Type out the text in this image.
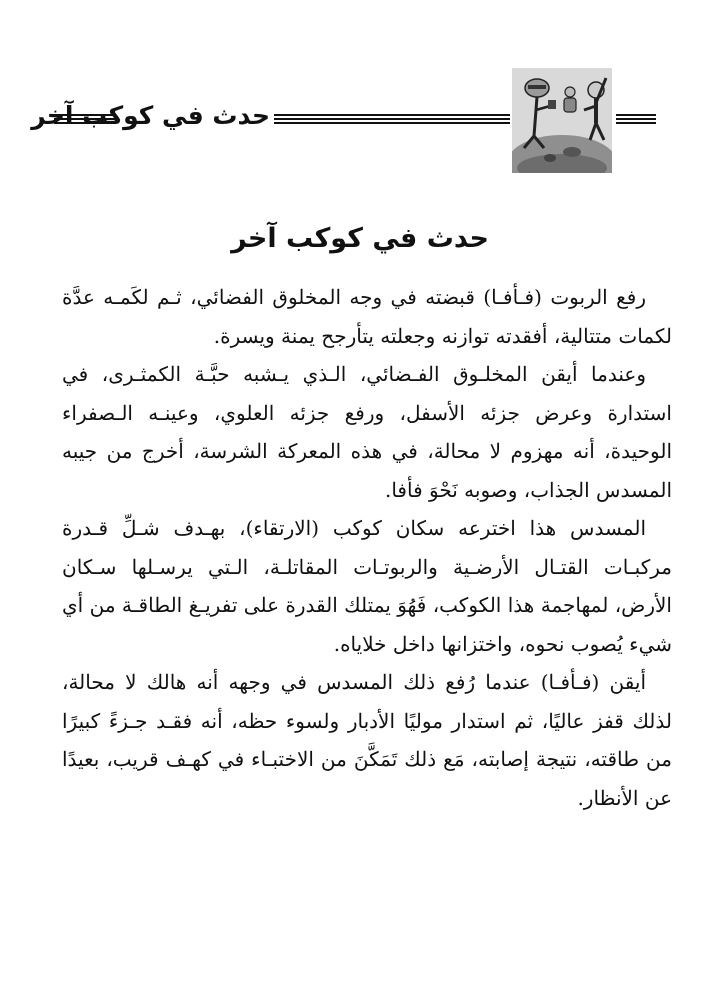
حدث في كوكب آخر
حدث في كوكب آخر

رفع الربوت (فـأفـا) قبضته في وجه المخلوق الفضائي، ثـم لكَمـه عدَّة لكمات متتالية، أفقدته توازنه وجعلته يتأرجح يمنة ويسرة.

وعندما أيقن المخلـوق الفـضائي، الـذي يـشبه حبَّـة الكمثـرى، في استدارة وعرض جزئه الأسفل، ورفع جزئه العلوي، وعينـه الـصفراء الوحيدة، أنه مهزوم لا محالة، في هذه المعركة الشرسة، أخرج من جيبه المسدس الجذاب، وصوبه نَحْوَ فأفا.

المسدس هذا اخترعه سكان كوكب (الارتقاء)، بهـدف شـلِّ قـدرة مركبـات القتـال الأرضـية والربوتـات المقاتلـة، الـتي يرسـلها سـكان الأرض، لمهاجمة هذا الكوكب، فَهُوَ يمتلك القدرة على تفريـغ الطاقـة من أي شيء يُصوب نحوه، واختزانها داخل خلاياه.

أيقن (فـأفـا) عندما رُفع ذلك المسدس في وجهه أنه هالك لا محالة، لذلك قفز عاليًا، ثم استدار موليًا الأدبار ولسوء حظه، أنه فقـد جـزءً كبيرًا من طاقته، نتيجة إصابته، مَع ذلك تَمَكَّنَ من الاختبـاء في كهـف قريب، بعيدًا عن الأنظار.
